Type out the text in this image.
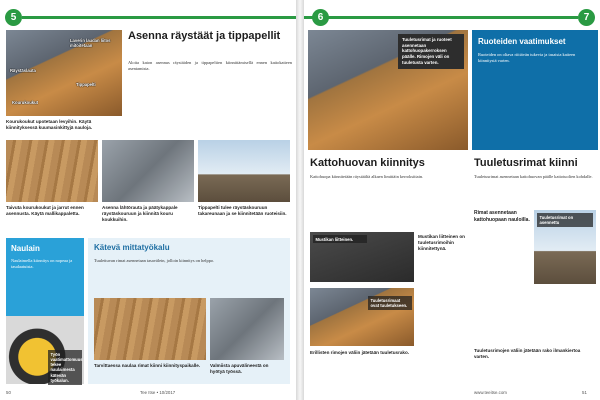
5
Laverin laudan liitos mitoitetaan
Räystäslauta
Tippapelti
Kourukoukut
Kourukoukut upotetaan levyihin. Käytä kiinnityksessä kuumasinkittyjä nauloja.
Asenna räystäät ja tippapellit
Aloita katon asennus räystäiden ja tippapeltien kiinnittämisellä ennen kattokatteen asentamista.
Taivuta kourukoukut ja jarrut ennen asennusta. Käytä mallikappaletta.
Asenna lähtörauta ja päätykappale räystäskouruun ja kiinnitä kouru koukkuihin.
Tippapelti tulee räystäskouruun takareunaan ja se kiinnitetään ruoteisiin.
Naulain
Naulaimella kiinnitys on nopeaa ja tasalaatuista.
Työn vaatimattomuus tekee naulaimesta kätevän työkalun.
Kätevä mittatyökalu
Tuulettuvan rimat asennetaan tasavälein, jolloin kiinnitys on helppo.
Tarvittaessa naulaa rimat kiinni kiinnityspaikalle.	Valmiista apuvälineestä on hyötyä työssä.
50	Tee Itse • 10/2017
6	7
Tuuletusrimat ja ruoteet asennetaan kattohuopakerroksen päälle. Rimojen väli on tuuletusta varten.
Kattohuovan kiinnitys
Kattohuopa kiinnitetään räystäältä alkaen limittäin kerroksittain.
Mustikan liitteinen.	Mustikan liitteinen on tuuletusrimoihin kiinnitettynä.
Tuuletusrimaat ovat tuuletukseen.
Erillisten rimojen väliin jätetään tuuletusrako.
Ruoteiden vaatimukset
Ruoteiden on oltava riittävän tukevia ja tasaisia katteen kiinnitystä varten.
Tuuletusrimat kiinni
Tuuletusrimat asennetaan kattohuovan päälle kattotuolien kohdalle.
Rimat asennetaan kattohuopaan nauloilla.	Tuuletusrimat on asennettu
Tuuletusrimojen väliin jätetään rako ilmankiertoa varten.
www.teeitse.com	51
